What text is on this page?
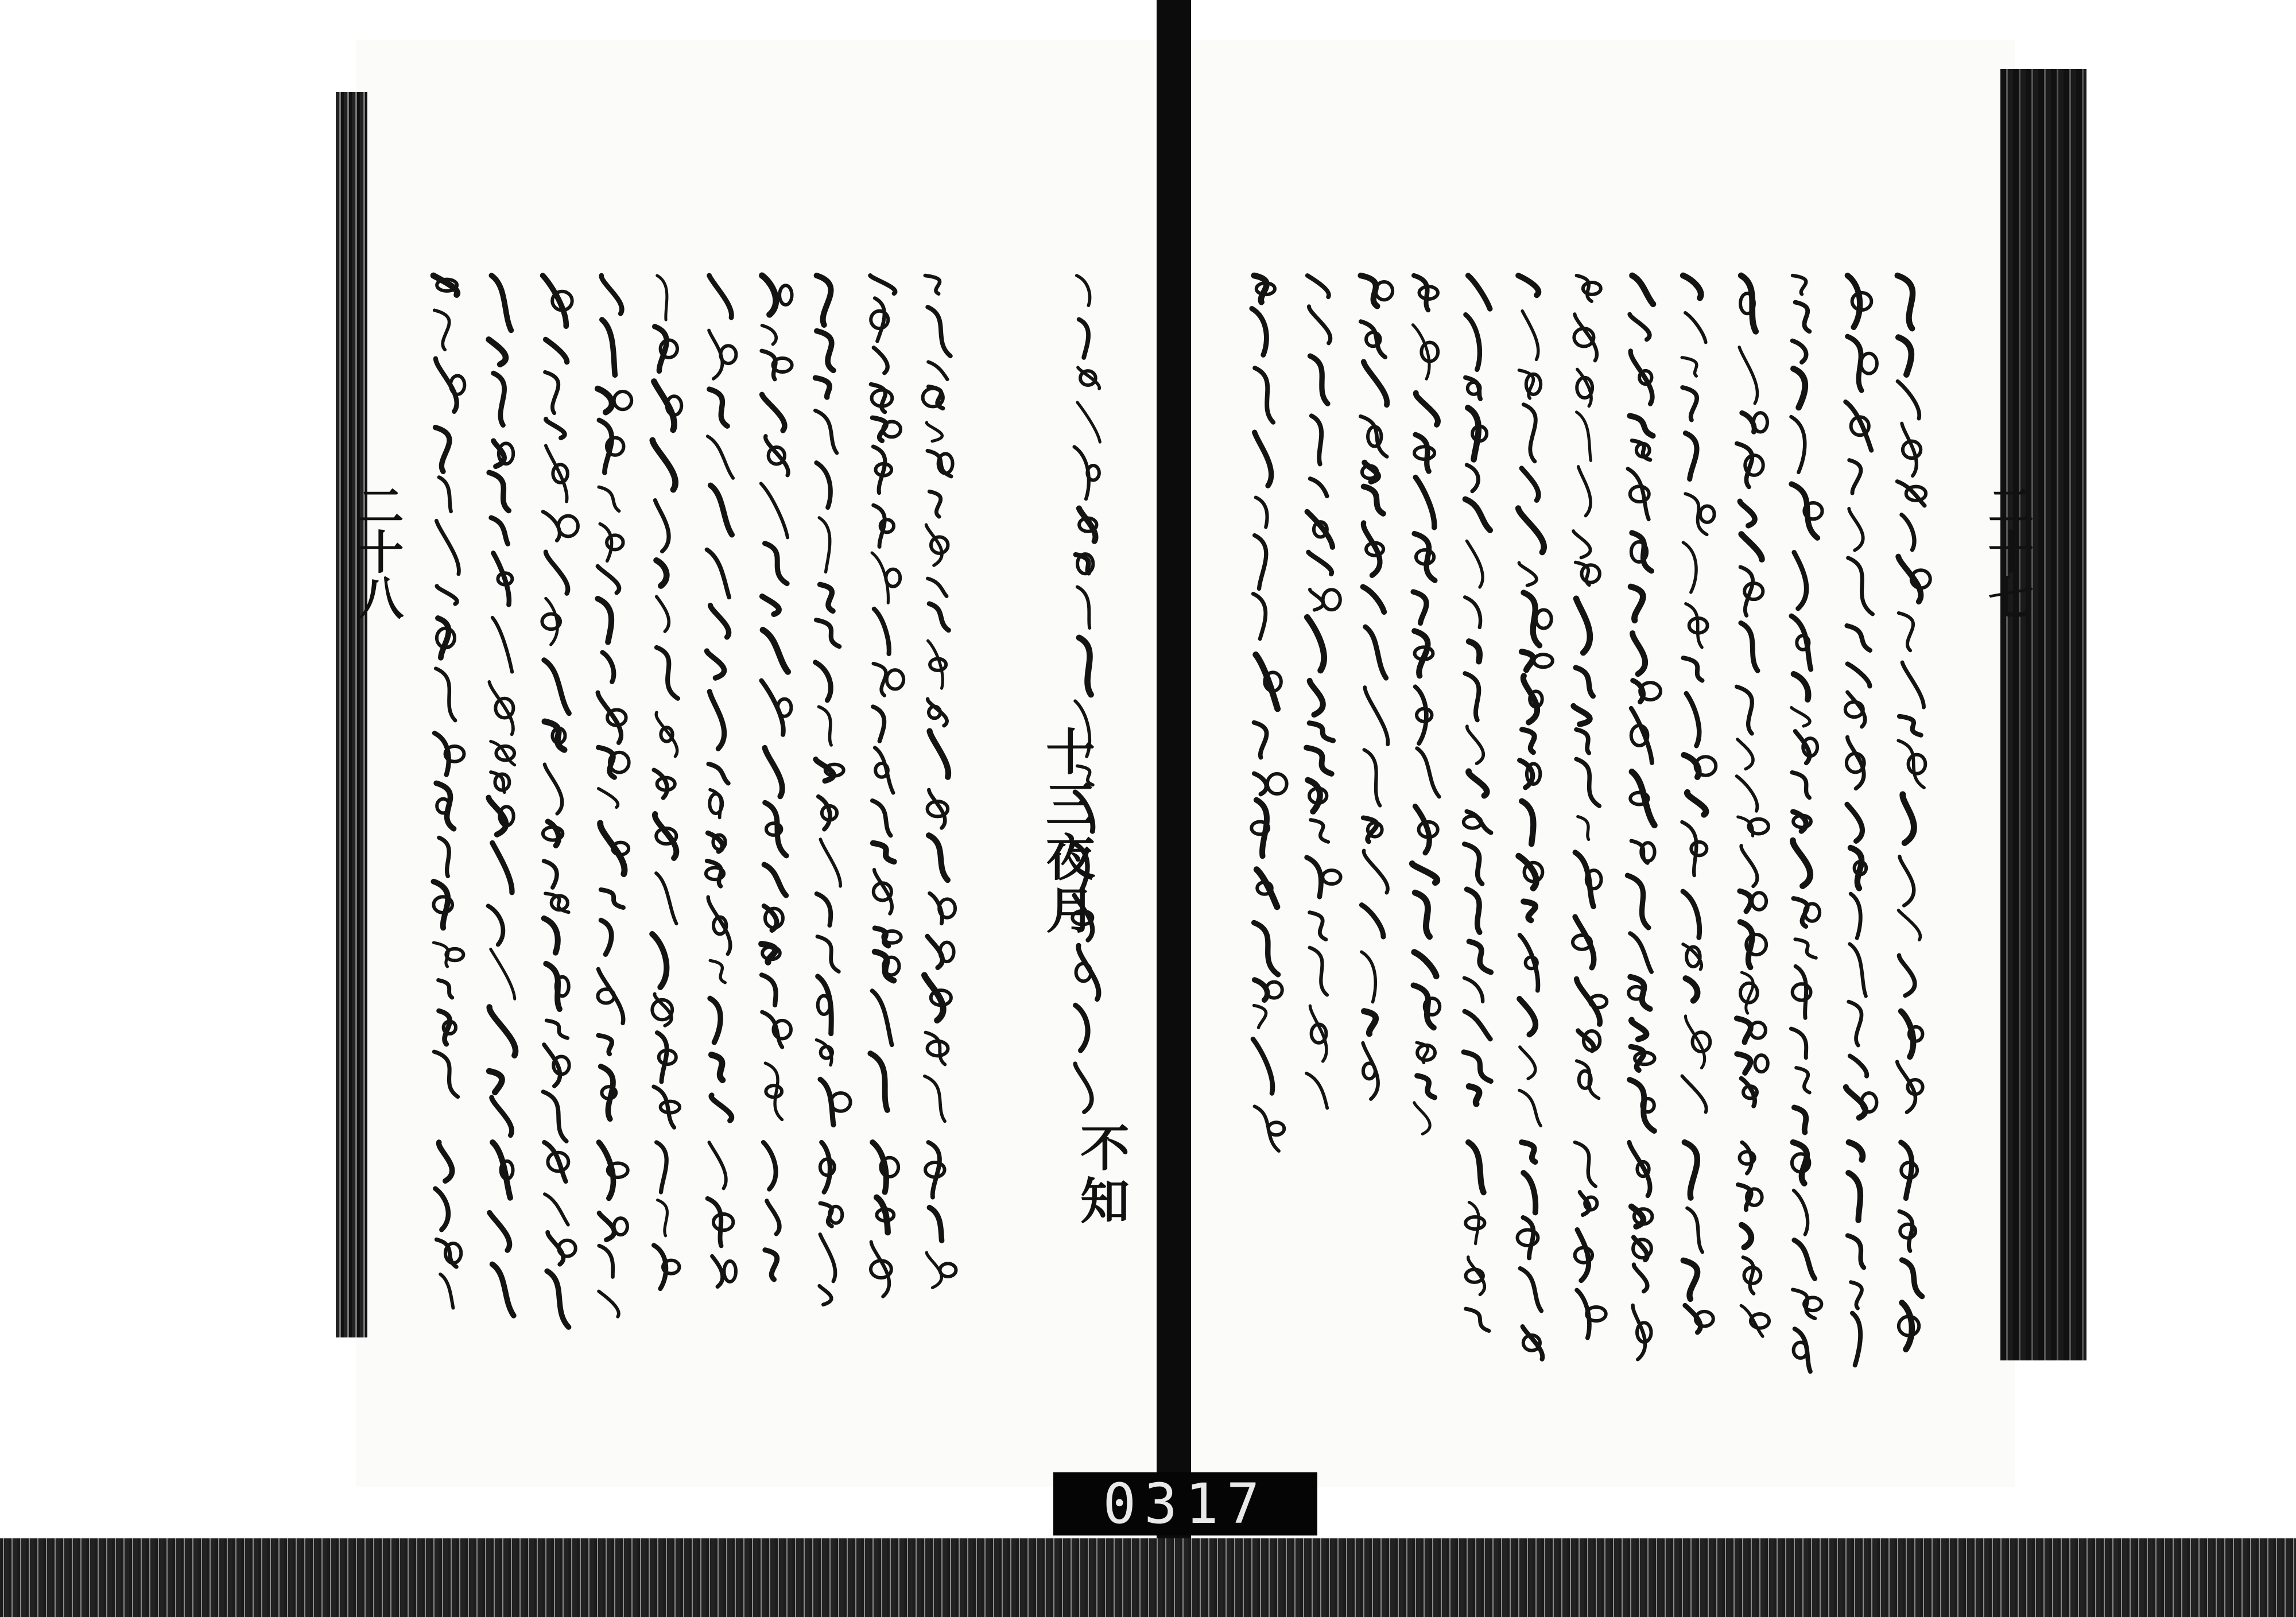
二十八	二十七
十三夜月
不知
0317
